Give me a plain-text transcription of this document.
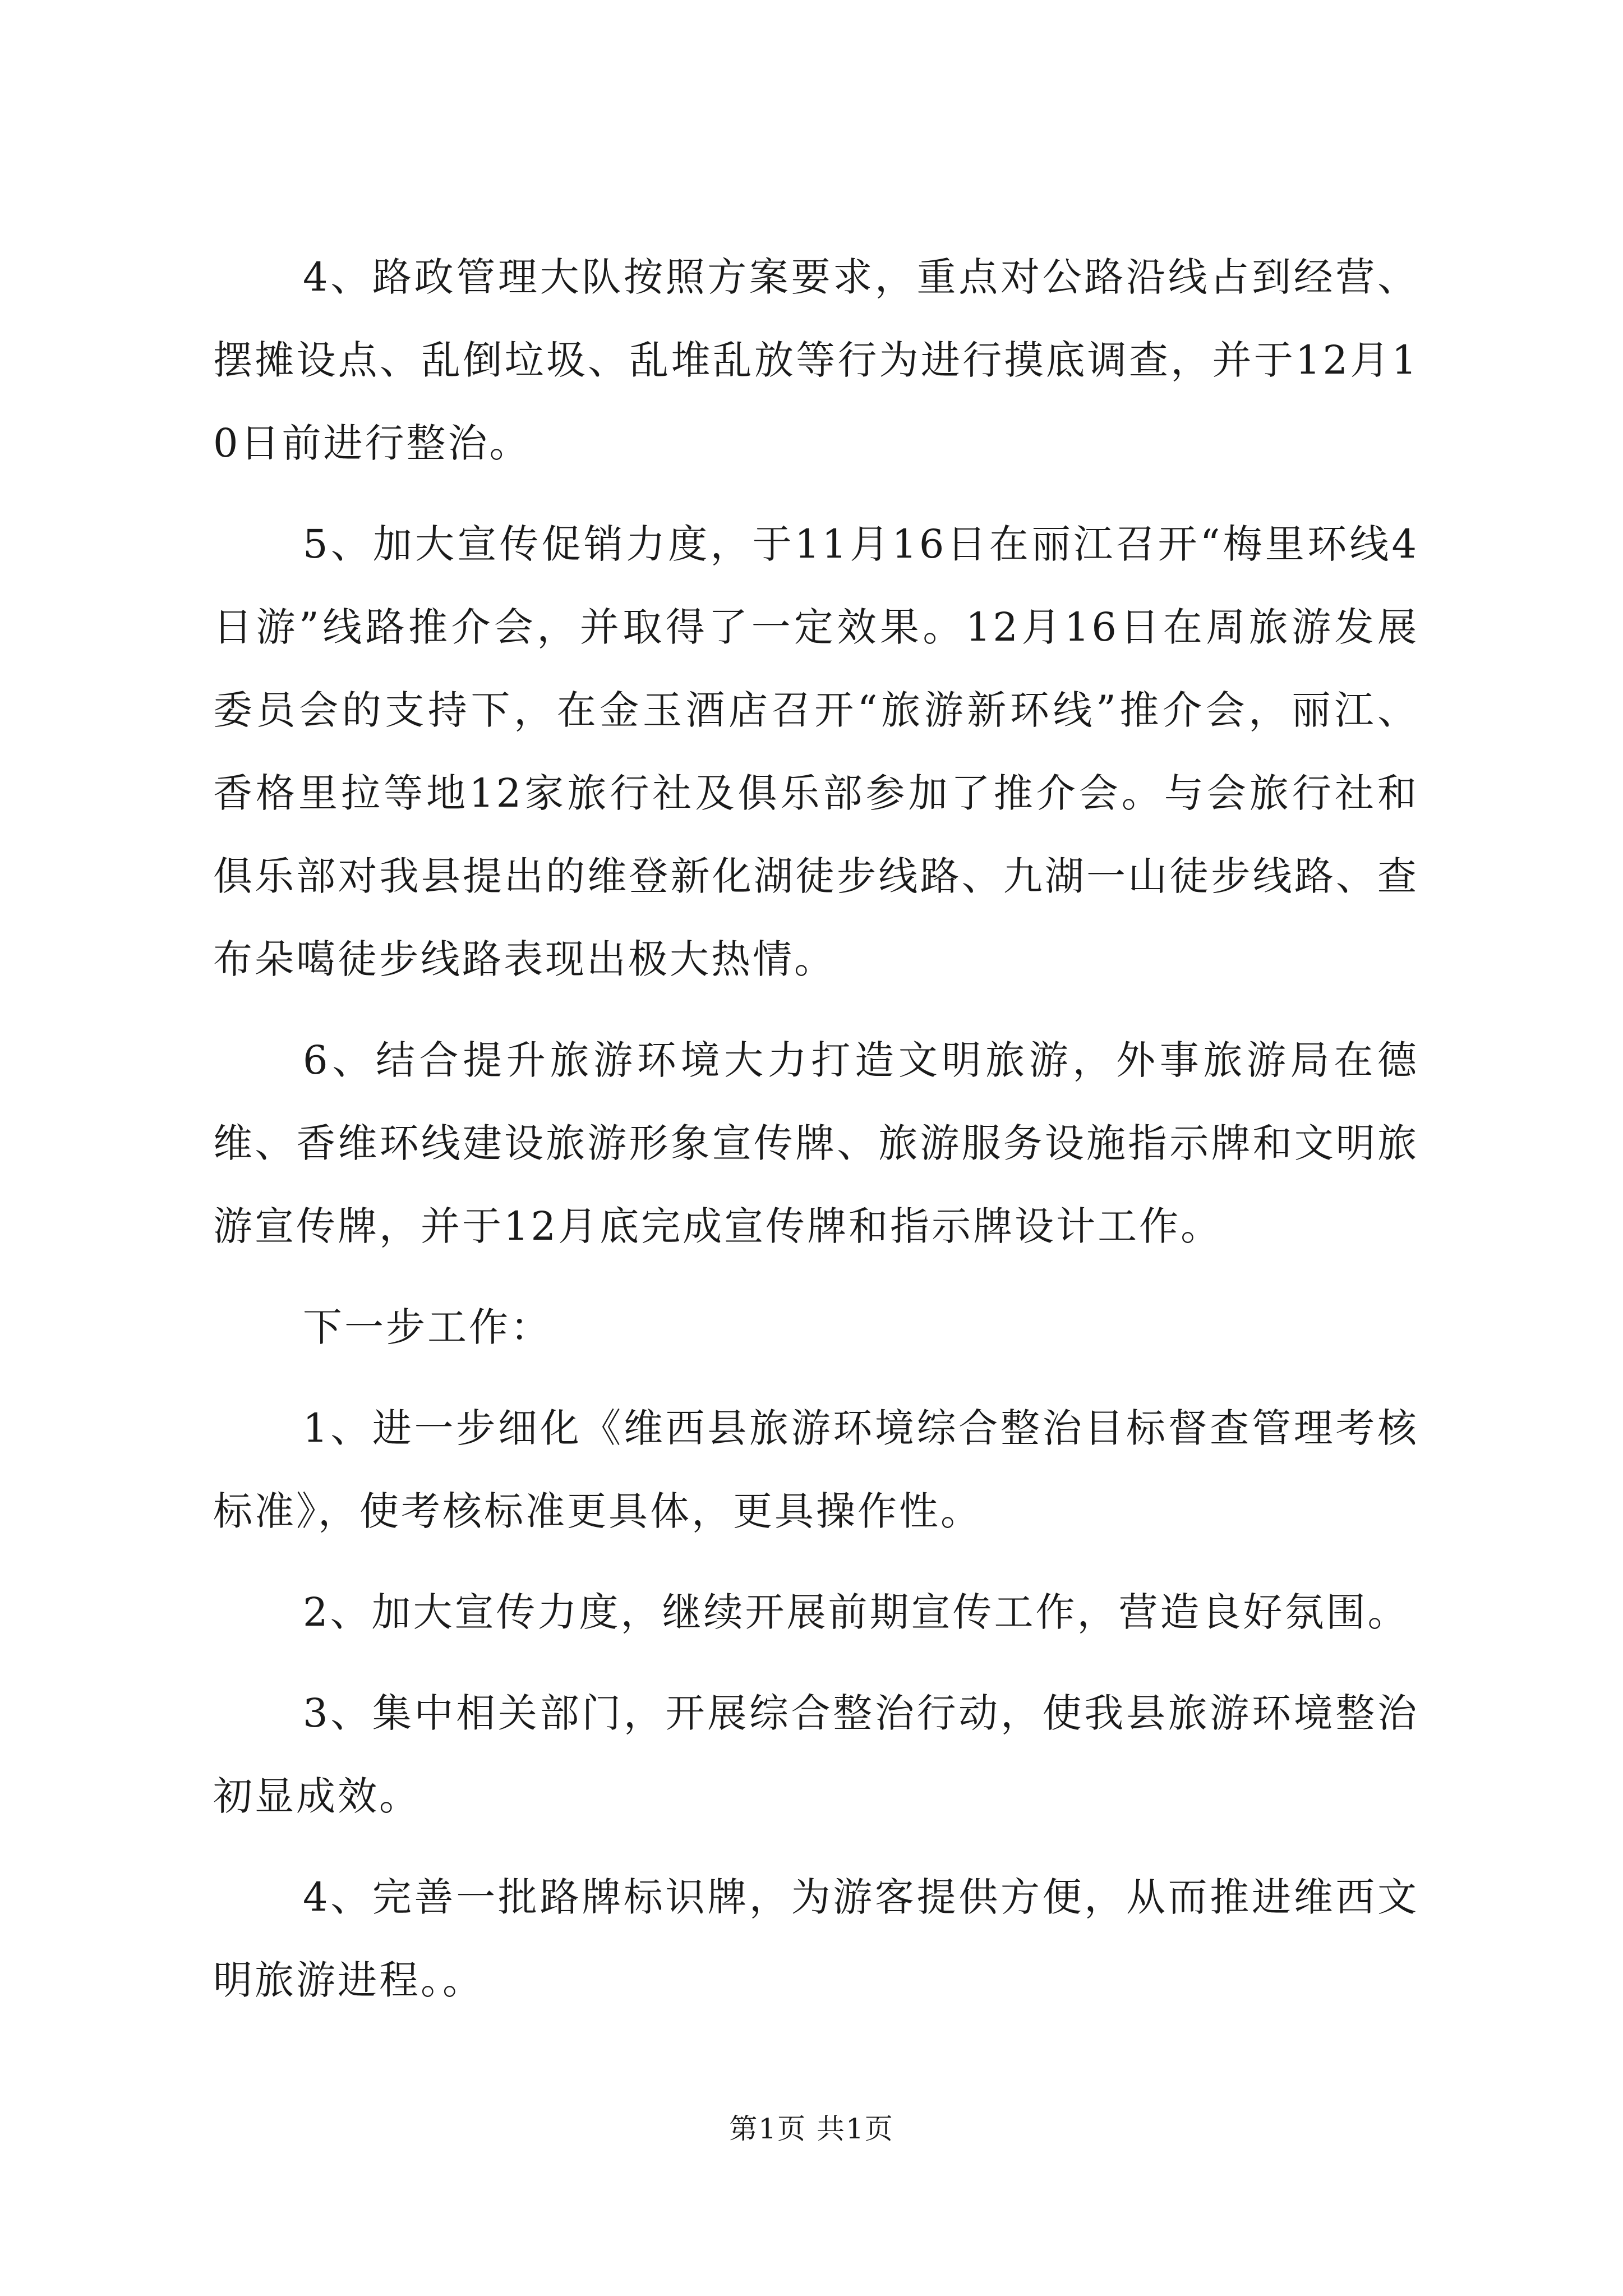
4、路政管理大队按照方案要求，重点对公路沿线占到经营、摆摊设点、乱倒垃圾、乱堆乱放等行为进行摸底调查，并于12月10日前进行整治。

5、加大宣传促销力度，于11月16日在丽江召开“梅里环线4日游”线路推介会，并取得了一定效果。12月16日在周旅游发展委员会的支持下，在金玉酒店召开“旅游新环线”推介会，丽江、香格里拉等地12家旅行社及俱乐部参加了推介会。与会旅行社和俱乐部对我县提出的维登新化湖徒步线路、九湖一山徒步线路、查布朵噶徒步线路表现出极大热情。

6、结合提升旅游环境大力打造文明旅游，外事旅游局在德维、香维环线建设旅游形象宣传牌、旅游服务设施指示牌和文明旅游宣传牌，并于12月底完成宣传牌和指示牌设计工作。

下一步工作：

1、进一步细化《维西县旅游环境综合整治目标督查管理考核标准》，使考核标准更具体，更具操作性。

2、加大宣传力度，继续开展前期宣传工作，营造良好氛围。

3、集中相关部门，开展综合整治行动，使我县旅游环境整治初显成效。

4、完善一批路牌标识牌，为游客提供方便，从而推进维西文明旅游进程。。

第1页 共1页
